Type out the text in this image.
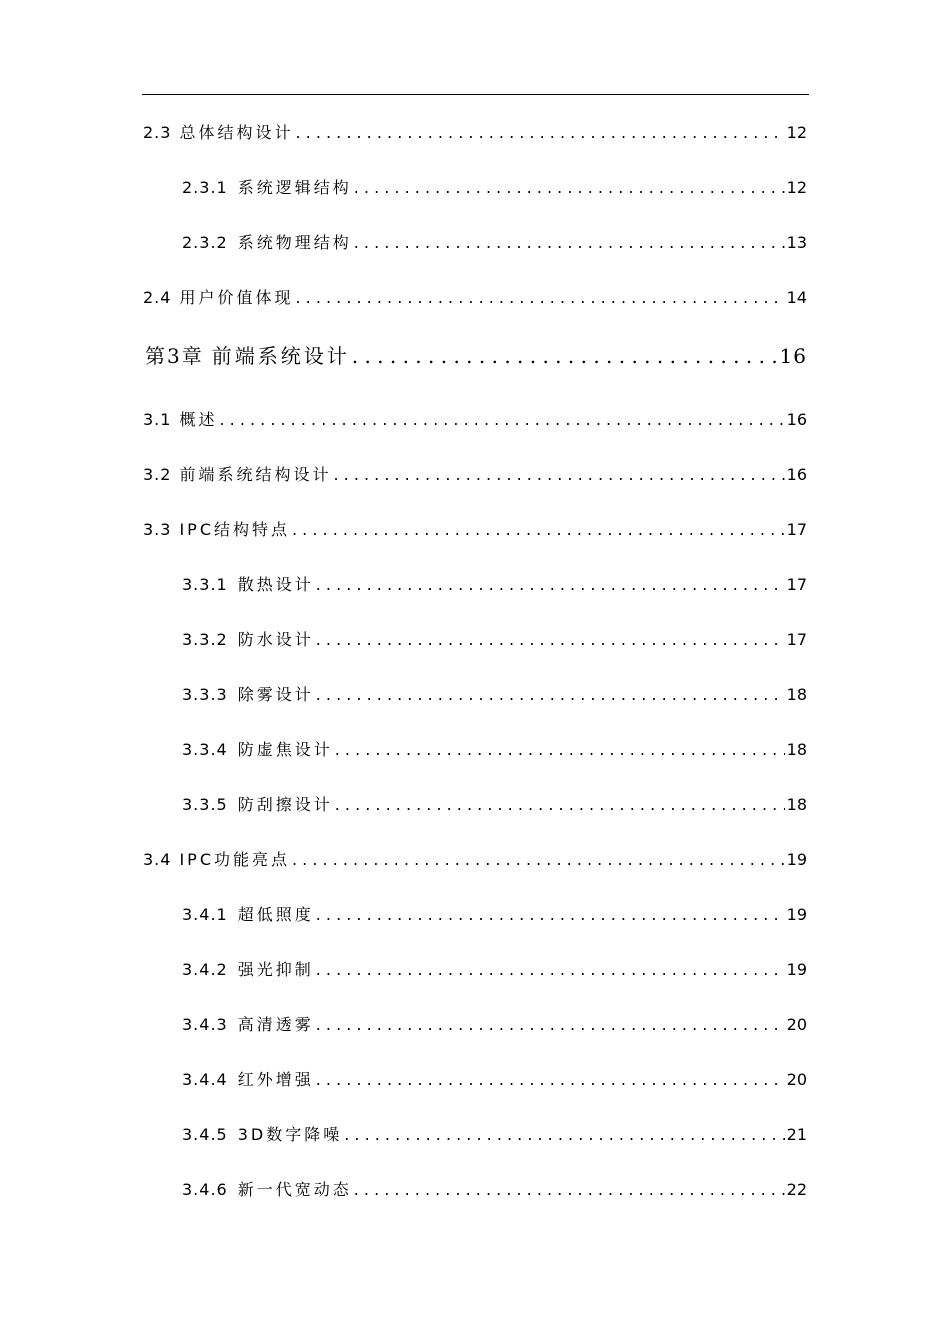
2.3 总体结构设计 . . .	12
2.3.1 系统逻辑结构 . . .	12
2.3.2 系统物理结构 . . .	13
2.4 用户价值体现 . . .	14
第3章 前端系统设计 . . .	16
3.1 概述 . . .	16
3.2 前端系统结构设计 . . .	16
3.3 IPC结构特点 . . .	17
3.3.1 散热设计 . . .	17
3.3.2 防水设计 . . .	17
3.3.3 除雾设计 . . .	18
3.3.4 防虚焦设计 . . .	18
3.3.5 防刮擦设计 . . .	18
3.4 IPC功能亮点 . . .	19
3.4.1 超低照度 . . .	19
3.4.2 强光抑制 . . .	19
3.4.3 高清透雾 . . .	20
3.4.4 红外增强 . . .	20
3.4.5 3D数字降噪 . . .	21
3.4.6 新一代宽动态 . . .	22
